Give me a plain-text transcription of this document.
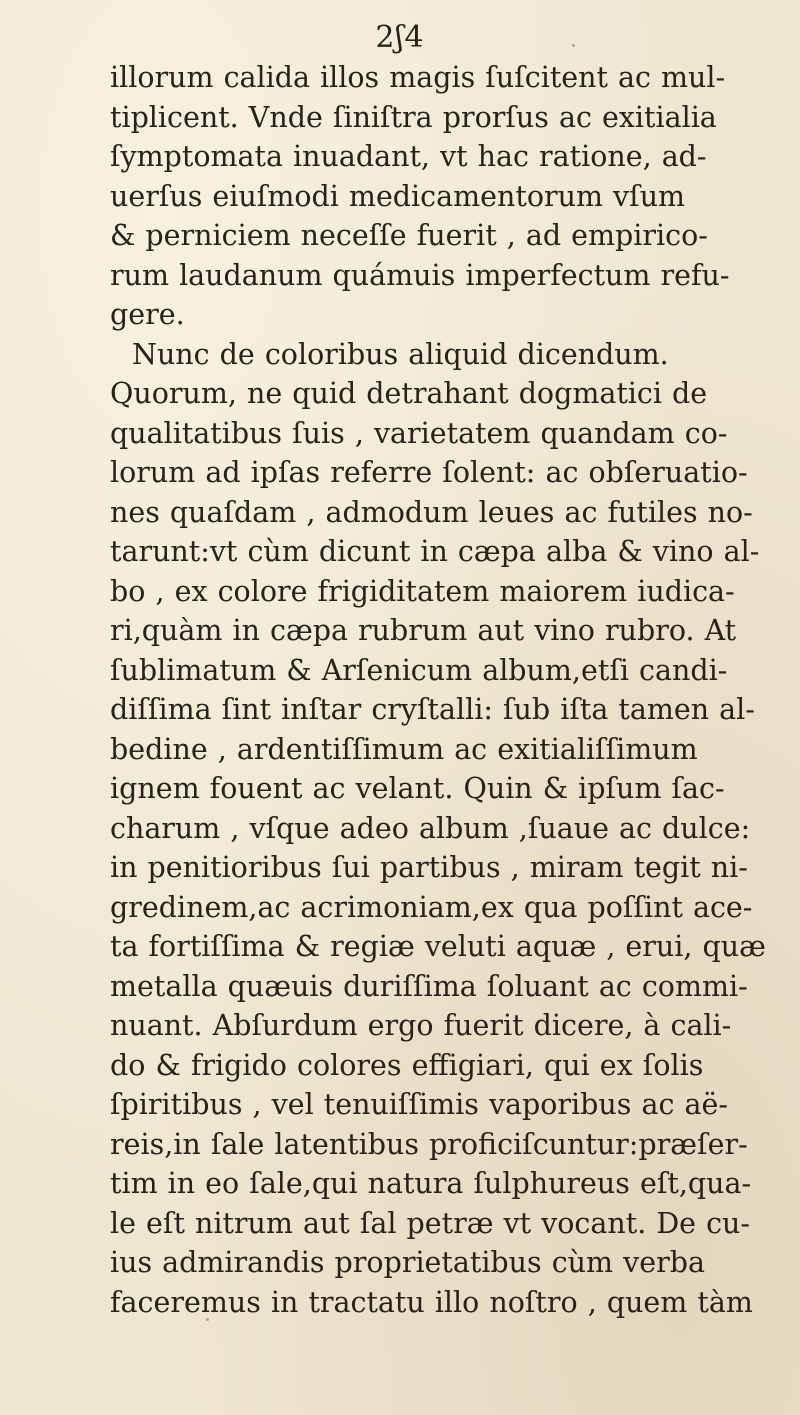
2ʃ4
illorum calida illos magis ſuſcitent ac mul-
tiplicent. Vnde ſiniſtra prorſus ac exitialia
ſymptomata inuadant, vt hac ratione, ad-
uerſus eiuſmodi medicamentorum vſum
& perniciem neceſſe fuerit , ad empirico-
rum laudanum quámuis imperfectum refu-
gere.
Nunc de coloribus aliquid dicendum.
Quorum, ne quid detrahant dogmatici de
qualitatibus ſuis , varietatem quandam co-
lorum ad ipſas referre ſolent: ac obſeruatio-
nes quaſdam , admodum leues ac futiles no-
tarunt:vt cùm dicunt in cæpa alba & vino al-
bo , ex colore frigiditatem maiorem iudica-
ri,quàm in cæpa rubrum aut vino rubro. At
ſublimatum & Arſenicum album,etſi candi-
diſſima ſint inſtar cryſtalli: ſub iſta tamen al-
bedine , ardentiſſimum ac exitialiſſimum
ignem fouent ac velant. Quin & ipſum ſac-
charum , vſque adeo album ,ſuaue ac dulce:
in penitioribus ſui partibus , miram tegit ni-
gredinem,ac acrimoniam,ex qua poſſint ace-
ta fortiſſima & regiæ veluti aquæ , erui, quæ
metalla quæuis duriſſima ſoluant ac commi-
nuant. Abſurdum ergo fuerit dicere, à cali-
do & frigido colores effigiari, qui ex ſolis
ſpiritibus , vel tenuiſſimis vaporibus ac aë-
reis,in ſale latentibus proficiſcuntur:præſer-
tim in eo ſale,qui natura ſulphureus eſt,qua-
le eſt nitrum aut ſal petræ vt vocant. De cu-
ius admirandis proprietatibus cùm verba
faceremus in tractatu illo noſtro , quem tàm
